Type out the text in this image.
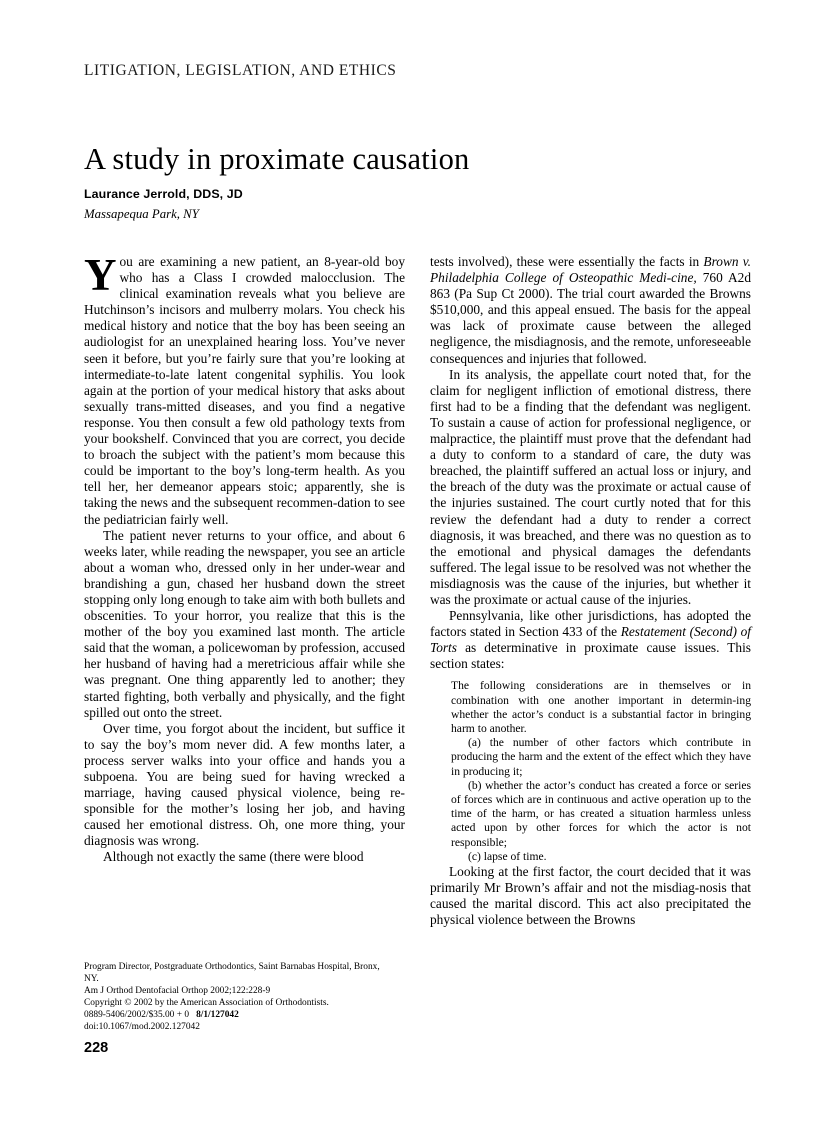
LITIGATION, LEGISLATION, AND ETHICS
A study in proximate causation
Laurance Jerrold, DDS, JD
Massapequa Park, NY

You are examining a new patient, an 8-year-old boy who has a Class I crowded malocclusion. The clinical examination reveals what you believe are Hutchinson’s incisors and mulberry molars. You check his medical history and notice that the boy has been seeing an audiologist for an unexplained hearing loss. You’ve never seen it before, but you’re fairly sure that you’re looking at intermediate-to-late latent congenital syphilis. You look again at the portion of your medical history that asks about sexually trans-mitted diseases, and you find a negative response. You then consult a few old pathology texts from your bookshelf. Convinced that you are correct, you decide to broach the subject with the patient’s mom because this could be important to the boy’s long-term health. As you tell her, her demeanor appears stoic; apparently, she is taking the news and the subsequent recommen-dation to see the pediatrician fairly well.

The patient never returns to your office, and about 6 weeks later, while reading the newspaper, you see an article about a woman who, dressed only in her under-wear and brandishing a gun, chased her husband down the street stopping only long enough to take aim with both bullets and obscenities. To your horror, you realize that this is the mother of the boy you examined last month. The article said that the woman, a policewoman by profession, accused her husband of having had a meretricious affair while she was pregnant. One thing apparently led to another; they started fighting, both verbally and physically, and the fight spilled out onto the street.

Over time, you forgot about the incident, but suffice it to say the boy’s mom never did. A few months later, a process server walks into your office and hands you a subpoena. You are being sued for having wrecked a marriage, having caused physical violence, being re-sponsible for the mother’s losing her job, and having caused her emotional distress. Oh, one more thing, your diagnosis was wrong.

Although not exactly the same (there were blood

tests involved), these were essentially the facts in Brown v. Philadelphia College of Osteopathic Medi-cine, 760 A2d 863 (Pa Sup Ct 2000). The trial court awarded the Browns $510,000, and this appeal ensued. The basis for the appeal was lack of proximate cause between the alleged negligence, the misdiagnosis, and the remote, unforeseeable consequences and injuries that followed.

In its analysis, the appellate court noted that, for the claim for negligent infliction of emotional distress, there first had to be a finding that the defendant was negligent. To sustain a cause of action for professional negligence, or malpractice, the plaintiff must prove that the defendant had a duty to conform to a standard of care, the duty was breached, the plaintiff suffered an actual loss or injury, and the breach of the duty was the proximate or actual cause of the injuries sustained. The court curtly noted that for this review the defendant had a duty to render a correct diagnosis, it was breached, and there was no question as to the emotional and physical damages the defendants suffered. The legal issue to be resolved was not whether the misdiagnosis was the cause of the injuries, but whether it was the proximate or actual cause of the injuries.

Pennsylvania, like other jurisdictions, has adopted the factors stated in Section 433 of the Restatement (Second) of Torts as determinative in proximate cause issues. This section states:

The following considerations are in themselves or in combination with one another important in determin-ing whether the actor’s conduct is a substantial factor in bringing harm to another.

(a) the number of other factors which contribute in producing the harm and the extent of the effect which they have in producing it;

(b) whether the actor’s conduct has created a force or series of forces which are in continuous and active operation up to the time of the harm, or has created a situation harmless unless acted upon by other forces for which the actor is not responsible;

(c) lapse of time.

Looking at the first factor, the court decided that it was primarily Mr Brown’s affair and not the misdiag-nosis that caused the marital discord. This act also precipitated the physical violence between the Browns

Program Director, Postgraduate Orthodontics, Saint Barnabas Hospital, Bronx,
NY.
Am J Orthod Dentofacial Orthop 2002;122:228-9
Copyright © 2002 by the American Association of Orthodontists.
0889-5406/2002/$35.00 + 0 8/1/127042
doi:10.1067/mod.2002.127042
228
